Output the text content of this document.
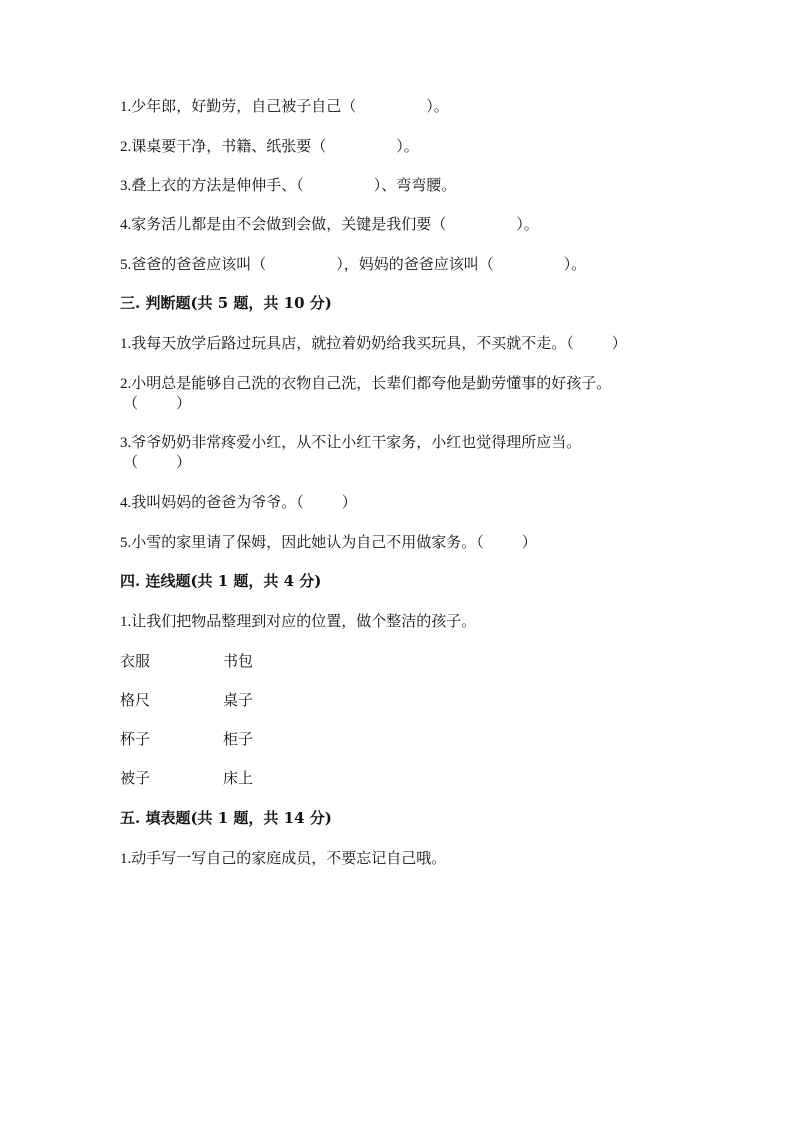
1.少年郎，好勤劳，自己被子自己（	）。
2.课桌要干净，书籍、纸张要（	）。
3.叠上衣的方法是伸伸手、（	）、弯弯腰。
4.家务活儿都是由不会做到会做，关键是我们要（	）。
5.爸爸的爸爸应该叫（	），妈妈的爸爸应该叫（	）。
三. 判断题(共 5 题，共 10 分)
1.我每天放学后路过玩具店，就拉着奶奶给我买玩具，不买就不走。（	）
2.小明总是能够自己洗的衣物自己洗，长辈们都夸他是勤劳懂事的好孩子。
（	）
3.爷爷奶奶非常疼爱小红，从不让小红干家务，小红也觉得理所应当。
（	）
4.我叫妈妈的爸爸为爷爷。（	）
5.小雪的家里请了保姆，因此她认为自己不用做家务。（	）
四. 连线题(共 1 题，共 4 分)
1.让我们把物品整理到对应的位置，做个整洁的孩子。
衣服	书包
格尺	桌子
杯子	柜子
被子	床上
五. 填表题(共 1 题，共 14 分)
1.动手写一写自己的家庭成员，不要忘记自己哦。
